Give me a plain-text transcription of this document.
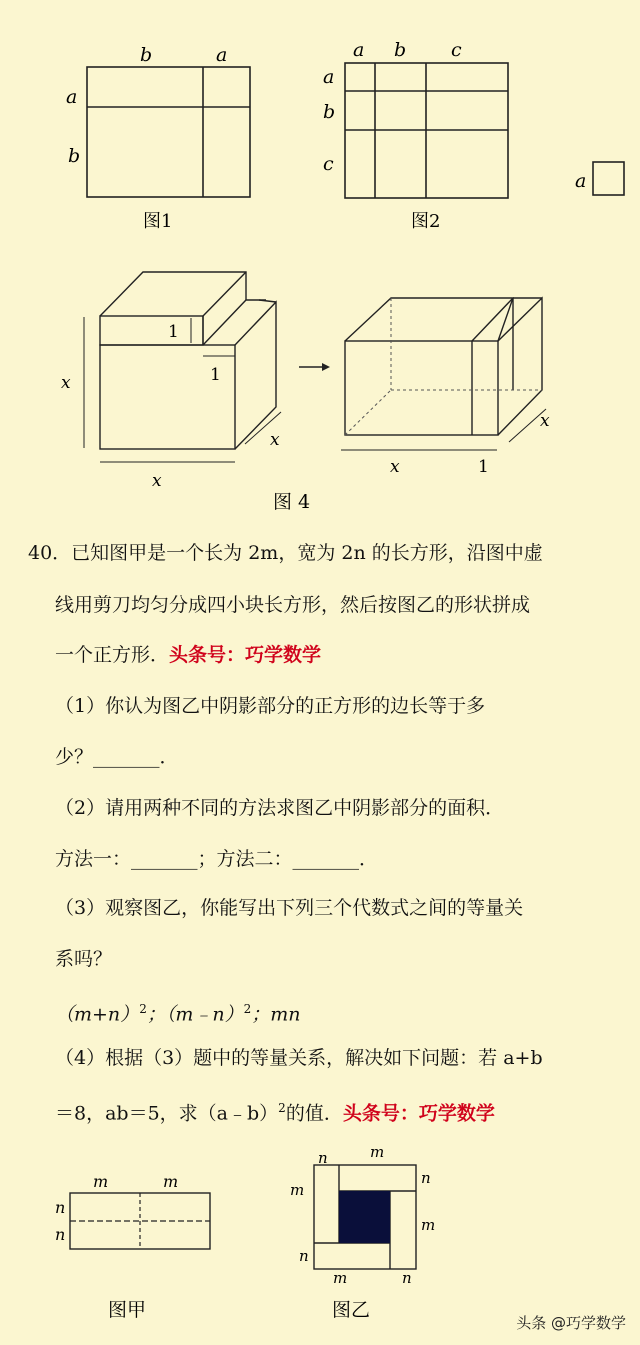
b	a
a
b
图1
a b c
a
b
c
图2
a
x
x
x
1
1
x	1
x
图 4
40．已知图甲是一个长为 2m，宽为 2n 的长方形，沿图中虚
线用剪刀均匀分成四小块长方形，然后按图乙的形状拼成
一个正方形．头条号：巧学数学
（1）你认为图乙中阴影部分的正方形的边长等于多
少？_______．
（2）请用两种不同的方法求图乙中阴影部分的面积．
方法一：_______；方法二：_______．
（3）观察图乙，你能写出下列三个代数式之间的等量关
系吗？
$(m+n)^2$；（m﹣n）$^2$；mn
（4）根据（3）题中的等量关系，解决如下问题：若 a+b
＝8，ab＝5，求（a﹣b）$^2$的值．头条号：巧学数学
m	m
n
n
图甲
n	m
m
n
m
n
m	n
图乙
头条 @巧学数学
